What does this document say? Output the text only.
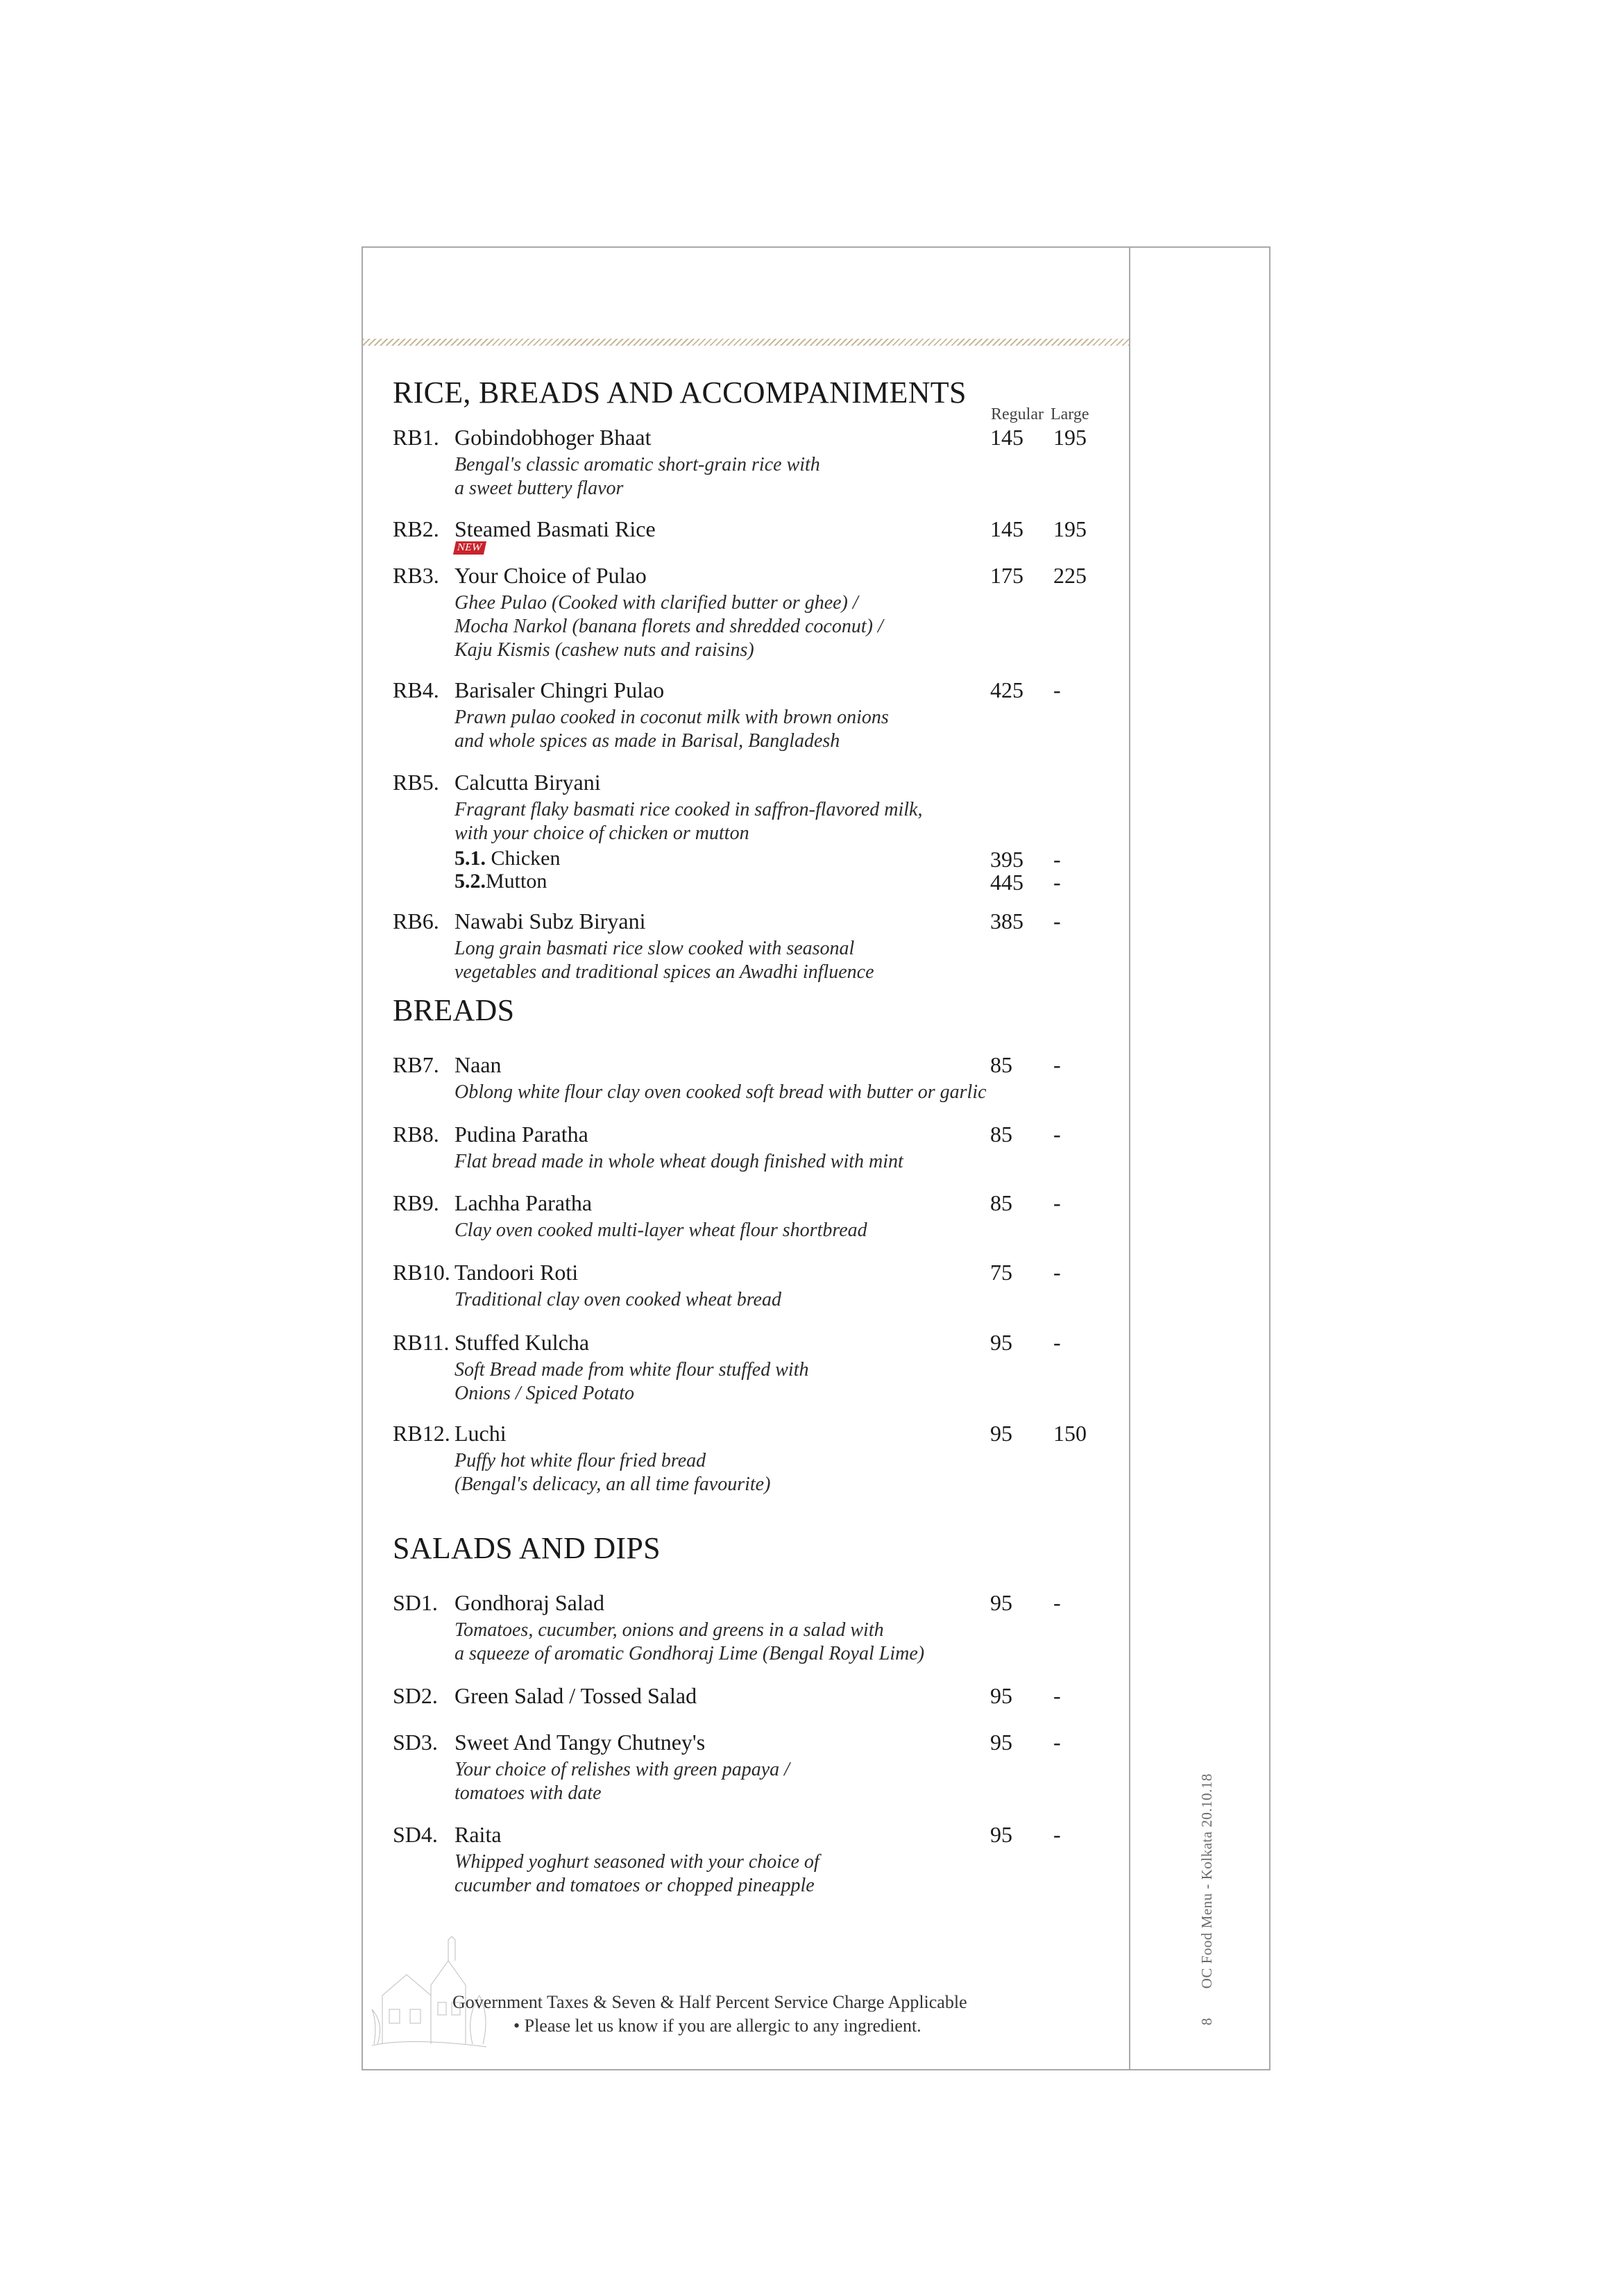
8 OC Food Menu - Kolkata 20.10.18
RICE, BREADS AND ACCOMPANIMENTS
Regular Large
RB1. Gobindobhoger Bhaat	145	195
Bengal's classic aromatic short-grain rice with
a sweet buttery flavor
RB2. Steamed Basmati Rice	145	195
RB3. Your Choice of Pulao	175	225
NEW
Ghee Pulao (Cooked with clarified butter or ghee) /
Mocha Narkol (banana florets and shredded coconut) /
Kaju Kismis (cashew nuts and raisins)
RB4. Barisaler Chingri Pulao	425	-
Prawn pulao cooked in coconut milk with brown onions
and whole spices as made in Barisal, Bangladesh
RB5. Calcutta Biryani
Fragrant flaky basmati rice cooked in saffron-flavored milk,
with your choice of chicken or mutton
5.1. Chicken	395	-
5.2.Mutton	445	-
RB6. Nawabi Subz Biryani	385	-
Long grain basmati rice slow cooked with seasonal
vegetables and traditional spices an Awadhi influence
BREADS
RB7. Naan	85	-
Oblong white flour clay oven cooked soft bread with butter or garlic
RB8. Pudina Paratha	85	-
Flat bread made in whole wheat dough finished with mint
RB9. Lachha Paratha	85	-
Clay oven cooked multi-layer wheat flour shortbread
RB10. Tandoori Roti	75	-
Traditional clay oven cooked wheat bread
RB11. Stuffed Kulcha	95	-
Soft Bread made from white flour stuffed with
Onions / Spiced Potato
RB12. Luchi	95	150
Puffy hot white flour fried bread
(Bengal's delicacy, an all time favourite)
SALADS AND DIPS
SD1. Gondhoraj Salad	95	-
Tomatoes, cucumber, onions and greens in a salad with
a squeeze of aromatic Gondhoraj Lime (Bengal Royal Lime)
SD2. Green Salad / Tossed Salad	95	-
SD3. Sweet And Tangy Chutney's	95	-
Your choice of relishes with green papaya /
tomatoes with date
SD4. Raita	95	-
Whipped yoghurt seasoned with your choice of
cucumber and tomatoes or chopped pineapple
Government Taxes & Seven & Half Percent Service Charge Applicable
• Please let us know if you are allergic to any ingredient.
